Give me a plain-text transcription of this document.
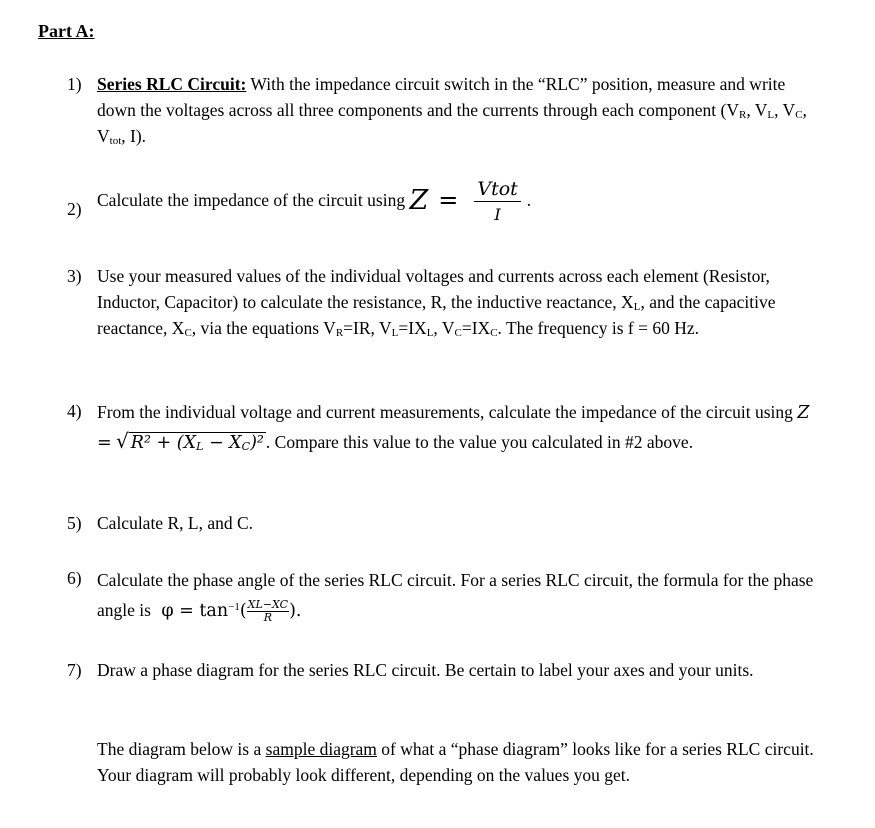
Part A:
1) Series RLC Circuit: With the impedance circuit switch in the “RLC” position, measure and write down the voltages across all three components and the currents through each component ($V_R$, $V_L$, $V_C$, $V_{tot}$, I).
2) Calculate the impedance of the circuit using $Z = \frac{\text{Vtot}}{I}$ .
3) Use your measured values of the individual voltages and currents across each element (Resistor, Inductor, Capacitor) to calculate the resistance, R, the inductive reactance, $X_L$, and the capacitive reactance, $X_C$, via the equations $V_R=IR$, $V_L=IX_L$, $V_C=IX_C$. The frequency is f = 60 Hz.
4) From the individual voltage and current measurements, calculate the impedance of the circuit using Z = √ $R^2 + (X_L - X_C)^2$ . Compare this value to the value you calculated in #2 above.
5) Calculate R, L, and C.
6) Calculate the phase angle of the series RLC circuit. For a series RLC circuit, the formula for the phase angle is $\varphi = \tan^{-1}( \frac{XL-XC}{R}$ ).
7) Draw a phase diagram for the series RLC circuit. Be certain to label your axes and your units.
The diagram below is a sample diagram of what a “phase diagram” looks like for a series RLC circuit. Your diagram will probably look different, depending on the values you get.
